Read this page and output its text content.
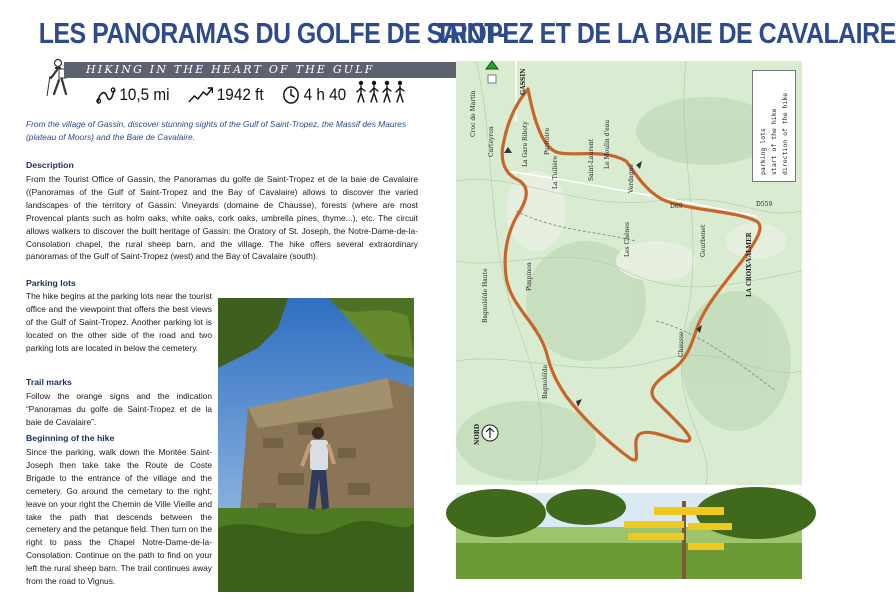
LES PANORAMAS DU GOLFE DE SAINT-
TROPEZ ET DE LA BAIE DE CAVALAIRE
HIKING IN THE HEART OF THE GULF
10,5 mi	1942 ft 4 h 40

From the village of Gassin, discover stunning sights of the Gulf of Saint-Tropez, the Massif des Maures (plateau of Moors) and the Baie de Cavalaire.

Description

From the Tourist Office of Gassin, the Panoramas du golfe de Saint-Tropez et de la baie de Cavalaire ((Panoramas of the Gulf of Saint-Tropez and the Bay of Cavalaire) allows to discover the varied landscapes of the territory of Gassin: Vineyards (domaine de Chausse), forests (where are most Provencal plants such as holm oaks, white oaks, cork oaks, umbrella pines, thyme...), etc. The circuit allows walkers to discover the built heritage of Gassin: the Oratory of St. Joseph, the Notre-Dame-de-la-Consolation chapel, the rural sheep barn, and the village. The hike offers several extraordinary panoramas of the Gulf of Saint-Tropez (west) and the Bay of Cavalaire (south).

Parking lots

The hike begins at the parking lots near the tourist office and the viewpoint that offers the best views of the Gulf of Saint-Tropez. Another parking lot is located on the other side of the road and two parking lots are located in below the cemetery.

Trail marks

Follow the orange signs and the indication “Panoramas du golfe de Saint-Tropez et de la baie de Cavalaire”.

Beginning of the hike

Since the parking, walk down the Montée Saint-Joseph then take take the Route de Coste Brigade to the entrance of the village and the cemetery. Go around the cemetary to the right; leave on your right the Chemin de Ville Vieille and take the path that descends between the cemetery and the petanque field. Then turn on the right to pass the Chapel Notre-Dame-de-la-Consolation. Continue on the path to find on your left the rural sheep barn. The trail continues away from the road to Vignus.

Croc de Martin
Carteyron	Riboty
La Gare	Puritoire
La Tuilière	Saint-Laurent Le Moulin d'eau
Verdagne
Les Chênes	Gourbenet
Pimpinon
Bagnoléïde Haute
Bagnoléïde
Chausse
LA CROIX-VALMER
GASSIN
D89	D559
NORD
parking lots start of the hike direction of the hike
